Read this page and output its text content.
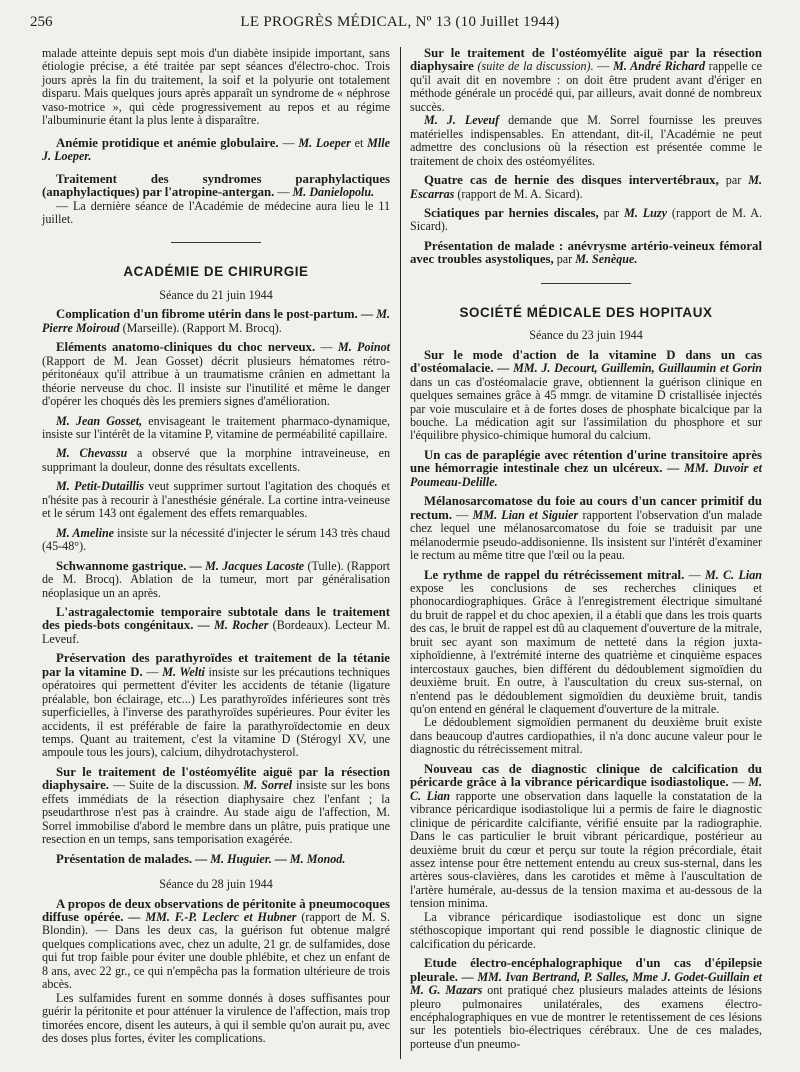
256	LE PROGRÈS MÉDICAL, Nº 13 (10 Juillet 1944)

malade atteinte depuis sept mois d'un diabète insipide important, sans étiologie précise, a été traitée par sept séances d'électro-choc. Trois jours après la fin du traitement, la soif et la polyurie ont totalement disparu. Mais quelques jours après apparaît un syndrome de « néphrose vaso-motrice », qui cède progressivement au repos et au régime l'albuminurie étant la plus lente à disparaître.

Anémie protidique et anémie globulaire. — M. Loeper et Mlle J. Loeper.

Traitement des syndromes paraphylactiques (anaphylactiques) par l'atropine-antergan. — M. Danielopolu.

— La dernière séance de l'Académie de médecine aura lieu le 11 juillet.

ACADÉMIE DE CHIRURGIE
Séance du 21 juin 1944

Complication d'un fibrome utérin dans le post-partum. — M. Pierre Moiroud (Marseille). (Rapport M. Brocq).

Eléments anatomo-cliniques du choc nerveux. — M. Poinot (Rapport de M. Jean Gosset) décrit plusieurs hématomes rétro-péritonéaux qu'il attribue à un traumatisme crânien en admettant la théorie nerveuse du choc. Il insiste sur l'inutilité et même le danger d'opérer les choqués dès les premiers signes d'amélioration.

M. Jean Gosset, envisageant le traitement pharmaco-dynamique, insiste sur l'intérêt de la vitamine P, vitamine de perméabilité capillaire.

M. Chevassu a observé que la morphine intraveineuse, en supprimant la douleur, donne des résultats excellents.

M. Petit-Dutaillis veut supprimer surtout l'agitation des choqués et n'hésite pas à recourir à l'anesthésie générale. La cortine intra-veineuse et le sérum 143 ont également des effets remarquables.

M. Ameline insiste sur la nécessité d'injecter le sérum 143 très chaud (45-48°).

Schwannome gastrique. — M. Jacques Lacoste (Tulle). (Rapport de M. Brocq). Ablation de la tumeur, mort par généralisation néoplasique un an après.

L'astragalectomie temporaire subtotale dans le traitement des pieds-bots congénitaux. — M. Rocher (Bordeaux). Lecteur M. Leveuf.

Préservation des parathyroïdes et traitement de la tétanie par la vitamine D. — M. Welti insiste sur les précautions techniques opératoires qui permettent d'éviter les accidents de tétanie (ligature préalable, bon éclairage, etc...) Les parathyroïdes inférieures sont très superficielles, à l'inverse des parathyroïdes supérieures. Pour éviter les accidents, il est préférable de faire la parathyroïdectomie en deux temps. Quant au traitement, c'est la vitamine D (Stérogyl XV, une ampoule tous les jours), calcium, dihydrotachysterol.

Sur le traitement de l'ostéomyélite aiguë par la résection diaphysaire. — Suite de la discussion. M. Sorrel insiste sur les bons effets immédiats de la résection diaphysaire chez l'enfant ; la pseudarthrose n'est pas à craindre. Au stade aigu de l'affection, M. Sorrel immobilise d'abord le membre dans un plâtre, puis pratique une resection en un temps, sans temporisation exagérée.

Présentation de malades. — M. Huguier. — M. Monod.

Séance du 28 juin 1944

A propos de deux observations de péritonite à pneumocoques diffuse opérée. — MM. F.-P. Leclerc et Hubner (rapport de M. S. Blondin). — Dans les deux cas, la guérison fut obtenue malgré quelques complications avec, chez un adulte, 21 gr. de sulfamides, dose qui fut trop faible pour éviter une double phlébite, et chez un enfant de 8 ans, avec 22 gr., ce qui n'empêcha pas la formation ultérieure de trois abcès.

Les sulfamides furent en somme donnés à doses suffisantes pour guérir la péritonite et pour atténuer la virulence de l'affection, mais trop timorées encore, disent les auteurs, à qui il semble qu'on aurait pu, avec des doses plus fortes, éviter les complications.

Sur le traitement de l'ostéomyélite aiguë par la résection diaphysaire (suite de la discussion). — M. André Richard rappelle ce qu'il avait dit en novembre : on doit être prudent avant d'ériger en méthode générale un procédé qui, par ailleurs, avait donné de nombreux succès.

M. J. Leveuf demande que M. Sorrel fournisse les preuves matérielles indispensables. En attendant, dit-il, l'Académie ne peut admettre des conclusions où la résection est présentée comme le traitement de choix des ostéomyélites.

Quatre cas de hernie des disques intervertébraux, par M. Escarras (rapport de M. A. Sicard).

Sciatiques par hernies discales, par M. Luzy (rapport de M. A. Sicard).

Présentation de malade : anévrysme artério-veineux fémoral avec troubles asystoliques, par M. Senèque.

SOCIÉTÉ MÉDICALE DES HOPITAUX
Séance du 23 juin 1944

Sur le mode d'action de la vitamine D dans un cas d'ostéomalacie. — MM. J. Decourt, Guillemin, Guillaumin et Gorin dans un cas d'ostéomalacie grave, obtiennent la guérison clinique en quelques semaines grâce à 45 mmgr. de vitamine D cristallisée injectés par voie musculaire et à de fortes doses de phosphate bicalcique par la bouche. La médication agit sur l'assimilation du phosphore et sur l'équilibre physico-chimique humoral du calcium.

Un cas de paraplégie avec rétention d'urine transitoire après une hémorragie intestinale chez un ulcéreux. — MM. Duvoir et Poumeau-Delille.

Mélanosarcomatose du foie au cours d'un cancer primitif du rectum. — MM. Lian et Siguier rapportent l'observation d'un malade chez lequel une mélanosarcomatose du foie se traduisit par une mélanodermie pseudo-addisonienne. Ils insistent sur l'intérêt d'examiner le rectum au même titre que l'œil ou la peau.

Le rythme de rappel du rétrécissement mitral. — M. C. Lian expose les conclusions de ses recherches cliniques et phonocardiographiques. Grâce à l'enregistrement électrique simultané du bruit de rappel et du choc apexien, il a établi que dans les trois quarts des cas, le bruit de rappel est dû au claquement d'ouverture de la mitrale, bruit sec ayant son maximum de netteté dans la région juxta-xiphoïdienne, à l'extrémité interne des quatrième et cinquième espaces intercostaux gauches, bien différent du dédoublement sigmoïdien du deuxième bruit. En outre, à l'auscultation du creux sus-sternal, on n'entend pas le dédoublement sigmoïdien du deuxième bruit, tandis qu'on entend en général le claquement d'ouverture de la mitrale.

Le dédoublement sigmoïdien permanent du deuxième bruit existe dans beaucoup d'autres cardiopathies, il n'a donc aucune valeur pour le diagnostic du rétrécissement mitral.

Nouveau cas de diagnostic clinique de calcification du péricarde grâce à la vibrance péricardique isodiastolique. — M. C. Lian rapporte une observation dans laquelle la constatation de la vibrance péricardique isodiastolique lui a permis de faire le diagnostic clinique de péricardite calcifiante, vérifié ensuite par la radiographie. Dans le cas particulier le bruit vibrant péricardique, postérieur au deuxième bruit du cœur et perçu sur toute la région précordiale, était assez intense pour être nettement entendu au creux sus-sternal, dans les artères sous-clavières, dans les carotides et même à l'auscultation de l'artère humérale, au-dessus de la tension maxima et au-dessous de la tension minima.

La vibrance péricardique isodiastolique est donc un signe stéthoscopique important qui rend possible le diagnostic clinique de calcification du péricarde.

Etude électro-encéphalographique d'un cas d'épilepsie pleurale. — MM. Ivan Bertrand, P. Salles, Mme J. Godet-Guillain et M. G. Mazars ont pratiqué chez plusieurs malades atteints de lésions pleuro pulmonaires unilatérales, des examens électro-encéphalographiques en vue de montrer le retentissement de ces lésions sur les potentiels bio-électriques cérébraux. Une de ces malades, porteuse d'un pneumo-
